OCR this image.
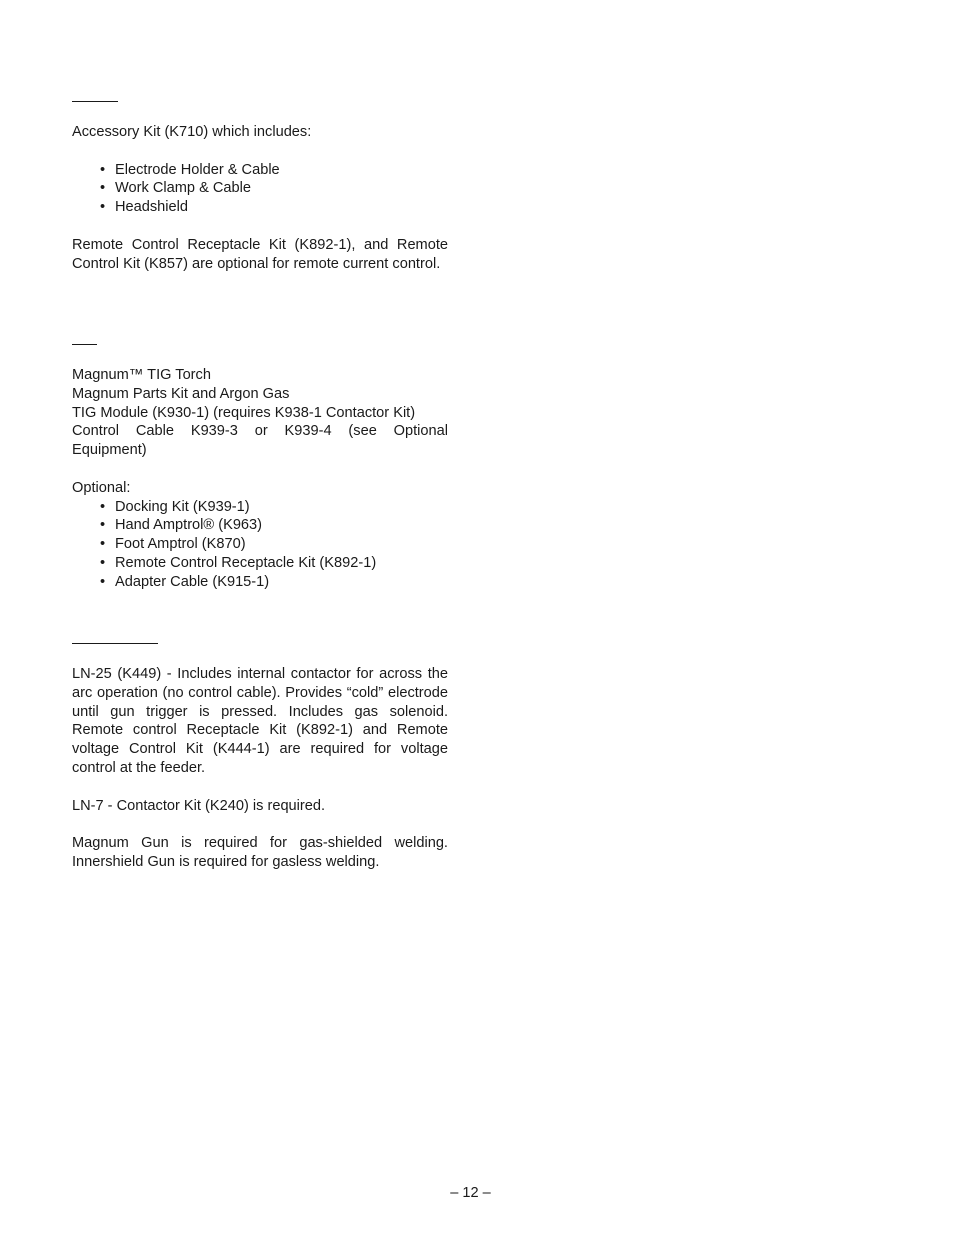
Accessory Kit (K710) which includes:

• Electrode Holder & Cable
• Work Clamp & Cable
• Headshield

Remote Control Receptacle Kit (K892-1), and Remote Control Kit (K857) are optional for remote current control.

Magnum™ TIG Torch
Magnum Parts Kit and Argon Gas
TIG Module (K930-1) (requires K938-1 Contactor Kit)

Control Cable K939-3 or K939-4 (see Optional Equipment)

Optional:

• Docking Kit (K939-1)
• Hand Amptrol® (K963)
• Foot Amptrol (K870)
• Remote Control Receptacle Kit (K892-1)
• Adapter Cable (K915-1)

LN-25 (K449) - Includes internal contactor for across the arc operation (no control cable). Provides “cold” electrode until gun trigger is pressed. Includes gas solenoid. Remote control Receptacle Kit (K892-1) and Remote voltage Control Kit (K444-1) are required for voltage control at the feeder.

LN-7 - Contactor Kit (K240) is required.

Magnum Gun is required for gas-shielded welding. Innershield Gun is required for gasless welding.

– 12 –
